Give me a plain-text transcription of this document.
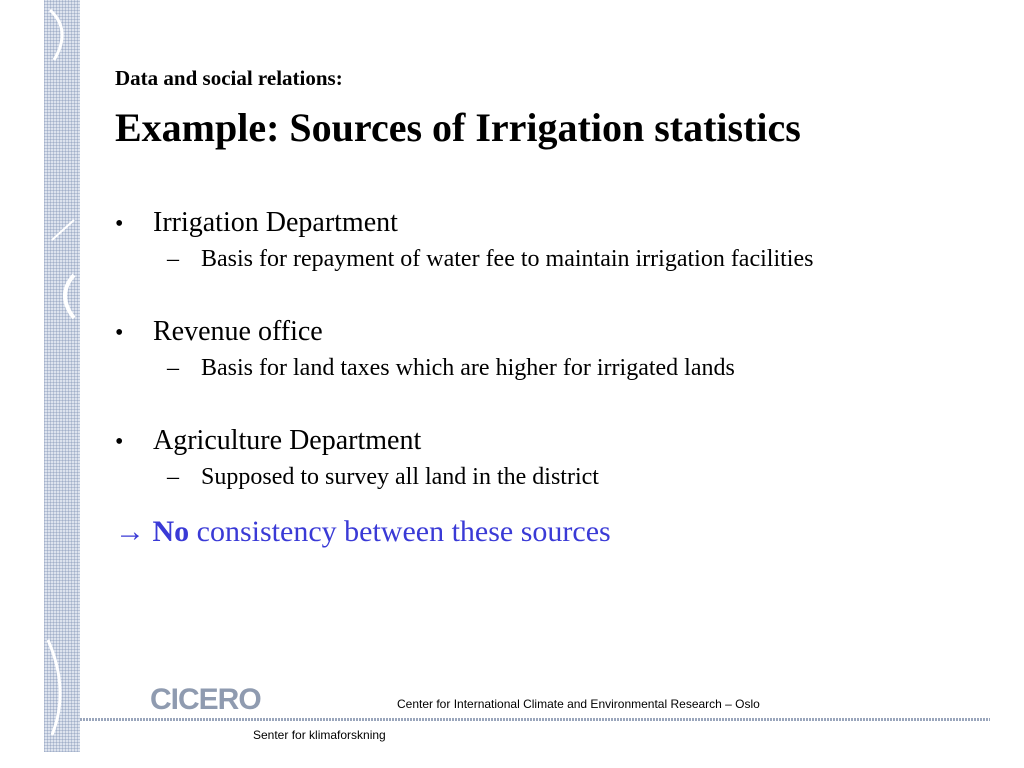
Data and social relations:
Example: Sources of Irrigation statistics
•	Irrigation Department
– Basis for repayment of water fee to maintain irrigation facilities
•	Revenue office
– Basis for land taxes which are higher for irrigated lands
•	Agriculture Department
– Supposed to survey all land in the district
→ No consistency between these sources
CICERO	Center for International Climate and Environmental Research – Oslo
Senter for klimaforskning
